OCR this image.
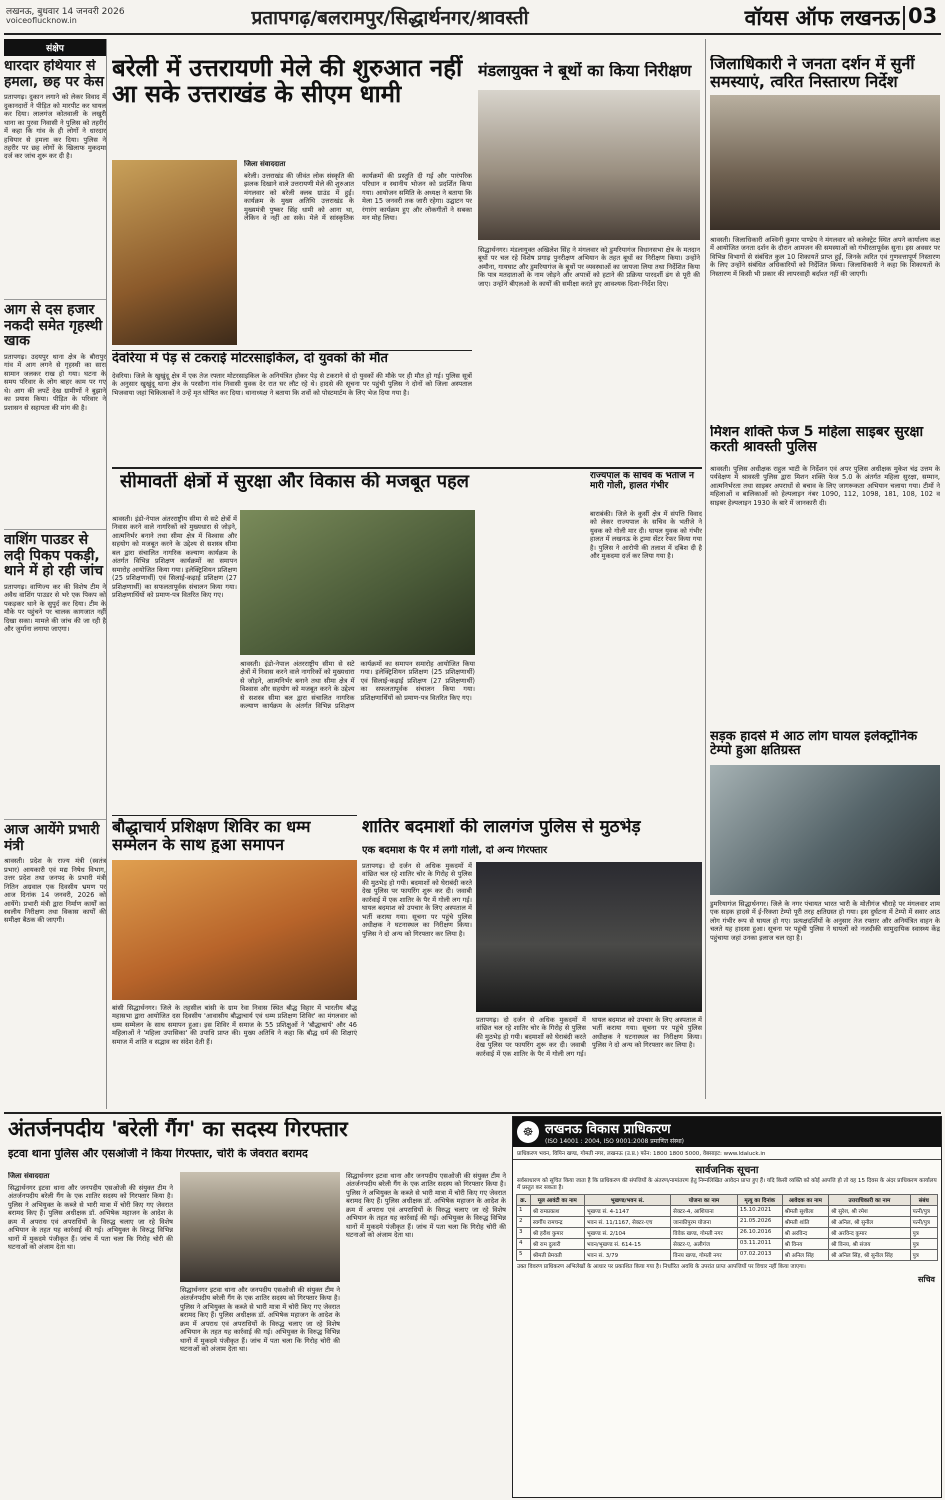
लखनऊ, बुधवार 14 जनवरी 2026
voiceoflucknow.in	प्रतापगढ़/बलरामपुर/सिद्धार्थनगर/श्रावस्ती	वॉयस ऑफ लखनऊ 03
संक्षेप
धारदार हथियार से हमला, छह पर केस
प्रतापगढ़। दुकान लगाने को लेकर विवाद में दुकानदारों ने पीड़ित को मारपीट कर घायल कर दिया। लालगंज कोतवाली के लखुरी थाना का पुरवा निवासी ने पुलिस को तहरीर में कहा कि गांव के ही लोगों ने धारदार हथियार से हमला कर दिया। पुलिस ने तहरीर पर छह लोगों के खिलाफ मुकदमा दर्ज कर जांच शुरू कर दी है।
आग से दस हजार नकदी समेत गृहस्थी खाक
प्रतापगढ़। उदयपुर थाना क्षेत्र के बौरापुर गांव में आग लगने से गृहस्थी का सारा सामान जलकर राख हो गया। घटना के समय परिवार के लोग बाहर काम पर गए थे। आग की लपटें देख ग्रामीणों ने बुझाने का प्रयास किया। पीड़ित के परिवार ने प्रशासन से सहायता की मांग की है।
वाशिंग पाउडर से लदी पिकप पकड़ी, थाने में हो रही जांच
प्रतापगढ़। वाणिज्य कर की विशेष टीम ने अवैध वाशिंग पाउडर से भरे एक पिकप को पकड़कर थाने के सुपुर्द कर दिया। टीम के मौके पर पहुंचने पर चालक कागजात नहीं दिखा सका। मामले की जांच की जा रही है और जुर्माना लगाया जाएगा।
आज आयेंगे प्रभारी मंत्री
श्रावस्ती। प्रदेश के राज्य मंत्री (स्वतंत्र प्रभार) आयकारी एवं मद्य निषेध विभाग, उत्तर प्रदेश तथा जनपद के प्रभारी मंत्री नितिन अग्रवाल एक दिवसीय भ्रमण पर आज दिनांक 14 जनवरी, 2026 को आयेंगे। प्रभारी मंत्री द्वारा निर्माण कार्यों का स्थलीय निरीक्षण तथा विकास कार्यों की समीक्षा बैठक की जाएगी।
बरेली में उत्तरायणी मेले की शुरुआत नहीं आ सके उत्तराखंड के सीएम धामी
जिला संवाददाता
बरेली। उत्तराखंड की जीवंत लोक संस्कृति की झलक दिखाने वाले उत्तरायणी मेले की शुरुआत मंगलवार को बरेली क्लब ग्राउंड में हुई। कार्यक्रम के मुख्य अतिथि उत्तराखंड के मुख्यमंत्री पुष्कर सिंह धामी को आना था, लेकिन वे नहीं आ सके। मेले में सांस्कृतिक कार्यक्रमों की प्रस्तुति दी गई और पारंपरिक परिधान व स्थानीय भोजन को प्रदर्शित किया गया। आयोजन समिति के अध्यक्ष ने बताया कि मेला 15 जनवरी तक जारी रहेगा। उद्घाटन पर रंगारंग कार्यक्रम हुए और लोकगीतों ने सबका मन मोह लिया।
देवरिया में पेड़ से टकराई मोटरसाइकिल, दो युवकों की मौत
देवरिया। जिले के खुखुंदू क्षेत्र में एक तेज रफ्तार मोटरसाइकिल के अनियंत्रित होकर पेड़ से टकराने से दो युवकों की मौके पर ही मौत हो गई। पुलिस सूत्रों के अनुसार खुखुंदू थाना क्षेत्र के परसौना गांव निवासी युवक देर रात घर लौट रहे थे। हादसे की सूचना पर पहुंची पुलिस ने दोनों को जिला अस्पताल भिजवाया जहां चिकित्सकों ने उन्हें मृत घोषित कर दिया। थानाध्यक्ष ने बताया कि शवों को पोस्टमार्टम के लिए भेज दिया गया है।
मंडलायुक्त ने बूथों का किया निरीक्षण
सिद्धार्थनगर। मंडलायुक्त अखिलेश सिंह ने मंगलवार को डुमरियागंज विधानसभा क्षेत्र के मतदान बूथों पर चल रहे विशेष प्रगाढ़ पुनरीक्षण अभियान के तहत बूथों का निरीक्षण किया। उन्होंने अमौना, गायघाट और डुमरियागंज के बूथों पर व्यवस्थाओं का जायजा लिया तथा निर्देशित किया कि पात्र मतदाताओं के नाम जोड़ने और अपात्रों को हटाने की प्रक्रिया पारदर्शी ढंग से पूरी की जाए। उन्होंने बीएलओ के कार्यों की समीक्षा करते हुए आवश्यक दिशा-निर्देश दिए।
जिलाधिकारी ने जनता दर्शन में सुनीं समस्याएं, त्वरित निस्तारण निर्देश
श्रावस्ती। जिलाधिकारी अश्विनी कुमार पाण्डेय ने मंगलवार को कलेक्ट्रेट स्थित अपने कार्यालय कक्ष में आयोजित जनता दर्शन के दौरान आमजन की समस्याओं को गंभीरतापूर्वक सुना। इस अवसर पर विभिन्न विभागों से संबंधित कुल 10 शिकायतें प्राप्त हुईं, जिनके त्वरित एवं गुणवत्तापूर्ण निस्तारण के लिए उन्होंने संबंधित अधिकारियों को निर्देशित किया। जिलाधिकारी ने कहा कि शिकायतों के निस्तारण में किसी भी प्रकार की लापरवाही बर्दाश्त नहीं की जाएगी।
मिशन शक्ति फेज 5 महिला साइबर सुरक्षा करती श्रावस्ती पुलिस
श्रावस्ती। पुलिस अधीक्षक राहुल भाटी के निर्देशन एवं अपर पुलिस अधीक्षक मुकेश चंद्र उत्तम के पर्यवेक्षण में श्रावस्ती पुलिस द्वारा मिशन शक्ति फेज 5.0 के अंतर्गत महिला सुरक्षा, सम्मान, आत्मनिर्भरता तथा साइबर अपराधों से बचाव के लिए जागरूकता अभियान चलाया गया। टीमों ने महिलाओं व बालिकाओं को हेल्पलाइन नंबर 1090, 112, 1098, 181, 108, 102 व साइबर हेल्पलाइन 1930 के बारे में जानकारी दी।
सड़क हादसे में आठ लोग घायल इलेक्ट्रॉनिक टेम्पो हुआ क्षतिग्रस्त
डुमरियागंज सिद्धार्थनगर। जिले के नगर पंचायत भारत भारी के मोतीगंज चौराहे पर मंगलवार शाम एक सड़क हादसे में ई-रिक्शा टेम्पो पूरी तरह क्षतिग्रस्त हो गया। इस दुर्घटना में टेम्पो में सवार आठ लोग गंभीर रूप से घायल हो गए। प्रत्यक्षदर्शियों के अनुसार तेज रफ्तार और अनियंत्रित वाहन के चलते यह हादसा हुआ। सूचना पर पहुंची पुलिस ने घायलों को नजदीकी सामुदायिक स्वास्थ्य केंद्र पहुंचाया जहां उनका इलाज चल रहा है।
सीमावर्ती क्षेत्रों में सुरक्षा और विकास की मजबूत पहल
श्रावस्ती। इंडो-नेपाल अंतरराष्ट्रीय सीमा से सटे क्षेत्रों में निवास करने वाले नागरिकों को मुख्यधारा से जोड़ने, आत्मनिर्भर बनाने तथा सीमा क्षेत्र में विश्वास और सहयोग को मजबूत करने के उद्देश्य से सशस्त्र सीमा बल द्वारा संचालित नागरिक कल्याण कार्यक्रम के अंतर्गत विभिन्न प्रशिक्षण कार्यक्रमों का समापन समारोह आयोजित किया गया। इलेक्ट्रिशियन प्रशिक्षण (25 प्रशिक्षणार्थी) एवं सिलाई-कढ़ाई प्रशिक्षण (27 प्रशिक्षणार्थी) का सफलतापूर्वक संचालन किया गया। प्रशिक्षणार्थियों को प्रमाण-पत्र वितरित किए गए।
श्रावस्ती। इंडो-नेपाल अंतरराष्ट्रीय सीमा से सटे क्षेत्रों में निवास करने वाले नागरिकों को मुख्यधारा से जोड़ने, आत्मनिर्भर बनाने तथा सीमा क्षेत्र में विश्वास और सहयोग को मजबूत करने के उद्देश्य से सशस्त्र सीमा बल द्वारा संचालित नागरिक कल्याण कार्यक्रम के अंतर्गत विभिन्न प्रशिक्षण कार्यक्रमों का समापन समारोह आयोजित किया गया। इलेक्ट्रिशियन प्रशिक्षण (25 प्रशिक्षणार्थी) एवं सिलाई-कढ़ाई प्रशिक्षण (27 प्रशिक्षणार्थी) का सफलतापूर्वक संचालन किया गया। प्रशिक्षणार्थियों को प्रमाण-पत्र वितरित किए गए।
राज्यपाल के सचिव के भतीजे ने मारी गोली, हालत गंभीर
बाराबंकी। जिले के कुर्सी क्षेत्र में संपत्ति विवाद को लेकर राज्यपाल के सचिव के भतीजे ने युवक को गोली मार दी। घायल युवक को गंभीर हालत में लखनऊ के ट्रामा सेंटर रेफर किया गया है। पुलिस ने आरोपी की तलाश में दबिश दी है और मुकदमा दर्ज कर लिया गया है।
बौद्धाचार्य प्रशिक्षण शिविर का धम्म सम्मेलन के साथ हुआ समापन
बांसी सिद्धार्थनगर। जिले के तहसील बांसी के ग्राम रेवा निवास स्थित बौद्ध विहार में भारतीय बौद्ध महासभा द्वारा आयोजित दस दिवसीय 'आवासीय बौद्धाचार्य एवं धम्म प्रशिक्षण शिविर' का मंगलवार को धम्म सम्मेलन के साथ समापन हुआ। इस शिविर में समाज के 55 प्रशिक्षुओं ने 'बौद्धाचार्य' और 46 महिलाओं ने 'महिला उपासिका' की उपाधि प्राप्त की। मुख्य अतिथि ने कहा कि बौद्ध धर्म की शिक्षाएं समाज में शांति व सद्भाव का संदेश देती हैं।
शातिर बदमाशों की लालगंज पुलिस से मुठभेड़
एक बदमाश के पैर में लगी गोली, दो अन्य गिरफ्तार
प्रतापगढ़। दो दर्जन से अधिक मुकदमों में वांछित चल रहे शातिर चोर के गिरोह से पुलिस की मुठभेड़ हो गयी। बदमाशों को घेराबंदी करते देख पुलिस पर फायरिंग शुरू कर दी। जवाबी कार्रवाई में एक शातिर के पैर में गोली लग गई। घायल बदमाश को उपचार के लिए अस्पताल में भर्ती कराया गया। सूचना पर पहुंचे पुलिस अधीक्षक ने घटनास्थल का निरीक्षण किया। पुलिस ने दो अन्य को गिरफ्तार कर लिया है।
प्रतापगढ़। दो दर्जन से अधिक मुकदमों में वांछित चल रहे शातिर चोर के गिरोह से पुलिस की मुठभेड़ हो गयी। बदमाशों को घेराबंदी करते देख पुलिस पर फायरिंग शुरू कर दी। जवाबी कार्रवाई में एक शातिर के पैर में गोली लग गई। घायल बदमाश को उपचार के लिए अस्पताल में भर्ती कराया गया। सूचना पर पहुंचे पुलिस अधीक्षक ने घटनास्थल का निरीक्षण किया। पुलिस ने दो अन्य को गिरफ्तार कर लिया है।
अंतर्जनपदीय 'बरेली गैंग' का सदस्य गिरफ्तार
इटवा थाना पुलिस और एसओजी ने किया गिरफ्तार, चोरी के जेवरात बरामद
जिला संवाददाता
सिद्धार्थनगर इटवा थाना और जनपदीय एसओजी की संयुक्त टीम ने अंतर्जनपदीय बरेली गैंग के एक शातिर सदस्य को गिरफ्तार किया है। पुलिस ने अभियुक्त के कब्जे से भारी मात्रा में चोरी किए गए जेवरात बरामद किए हैं। पुलिस अधीक्षक डॉ. अभिषेक महाजन के आदेश के क्रम में अपराध एवं अपराधियों के विरुद्ध चलाए जा रहे विशेष अभियान के तहत यह कार्रवाई की गई। अभियुक्त के विरुद्ध विभिन्न थानों में मुकदमे पंजीकृत हैं। जांच में पता चला कि गिरोह चोरी की घटनाओं को अंजाम देता था।
सिद्धार्थनगर इटवा थाना और जनपदीय एसओजी की संयुक्त टीम ने अंतर्जनपदीय बरेली गैंग के एक शातिर सदस्य को गिरफ्तार किया है। पुलिस ने अभियुक्त के कब्जे से भारी मात्रा में चोरी किए गए जेवरात बरामद किए हैं। पुलिस अधीक्षक डॉ. अभिषेक महाजन के आदेश के क्रम में अपराध एवं अपराधियों के विरुद्ध चलाए जा रहे विशेष अभियान के तहत यह कार्रवाई की गई। अभियुक्त के विरुद्ध विभिन्न थानों में मुकदमे पंजीकृत हैं। जांच में पता चला कि गिरोह चोरी की घटनाओं को अंजाम देता था।
सिद्धार्थनगर इटवा थाना और जनपदीय एसओजी की संयुक्त टीम ने अंतर्जनपदीय बरेली गैंग के एक शातिर सदस्य को गिरफ्तार किया है। पुलिस ने अभियुक्त के कब्जे से भारी मात्रा में चोरी किए गए जेवरात बरामद किए हैं। पुलिस अधीक्षक डॉ. अभिषेक महाजन के आदेश के क्रम में अपराध एवं अपराधियों के विरुद्ध चलाए जा रहे विशेष अभियान के तहत यह कार्रवाई की गई। अभियुक्त के विरुद्ध विभिन्न थानों में मुकदमे पंजीकृत हैं। जांच में पता चला कि गिरोह चोरी की घटनाओं को अंजाम देता था।
☸ लखनऊ विकास प्राधिकरण
(ISO 14001 : 2004, ISO 9001:2008 प्रमाणित संस्था)
प्राधिकरण भवन, विपिन खण्ड, गोमती नगर, लखनऊ (उ.प्र.) फोन: 1800 1800 5000, वेबसाइट: www.ldaluck.in
सार्वजनिक सूचना
सर्वसाधारण को सूचित किया जाता है कि प्राधिकरण की संपत्तियों के अंतरण/नामांतरण हेतु निम्नलिखित आवेदन प्राप्त हुए हैं। यदि किसी व्यक्ति को कोई आपत्ति हो तो वह 15 दिवस के अंदर प्राधिकरण कार्यालय में प्रस्तुत कर सकता है।
क्र.	मूल आवंटी का नाम	भूखण्ड/भवन सं.	योजना का नाम	मृत्यु का दिनांक	आवेदक का नाम	उत्तराधिकारी का नाम	संबंध
1	श्री रामप्रकाश	भूखण्ड सं. 4-1147	सेक्टर-4, आशियाना	15.10.2021	श्रीमती सुशीला	श्री सुरेश, श्री रमेश	पत्नी/पुत्र
2	स्वर्गीय रामचन्द्र	भवन सं. 11/1167, सेक्टर-एच	जानकीपुरम योजना	21.05.2026	श्रीमती शांति	श्री अनिल, श्री सुनील	पत्नी/पुत्र
3	श्री हरीश कुमार	भूखण्ड सं. 2/104	विवेक खण्ड, गोमती नगर	26.10.2016	श्री अरविन्द	श्री अरविन्द कुमार	पुत्र
4	श्री राम दुलारी	भवन/भूखण्ड सं. 614-15	सेक्टर-ए, अलीगंज	03.11.2011	श्री विनय	श्री विनय, श्री संजय	पुत्र
5	श्रीमती प्रेमवती	भवन सं. 3/79	विनय खण्ड, गोमती नगर	07.02.2013	श्री अनिल सिंह	श्री अनिल सिंह, श्री सुनील सिंह	पुत्र
उक्त विवरण प्राधिकरण अभिलेखों के आधार पर प्रकाशित किया गया है। निर्धारित अवधि के उपरांत प्राप्त आपत्तियों पर विचार नहीं किया जाएगा।
सचिव
